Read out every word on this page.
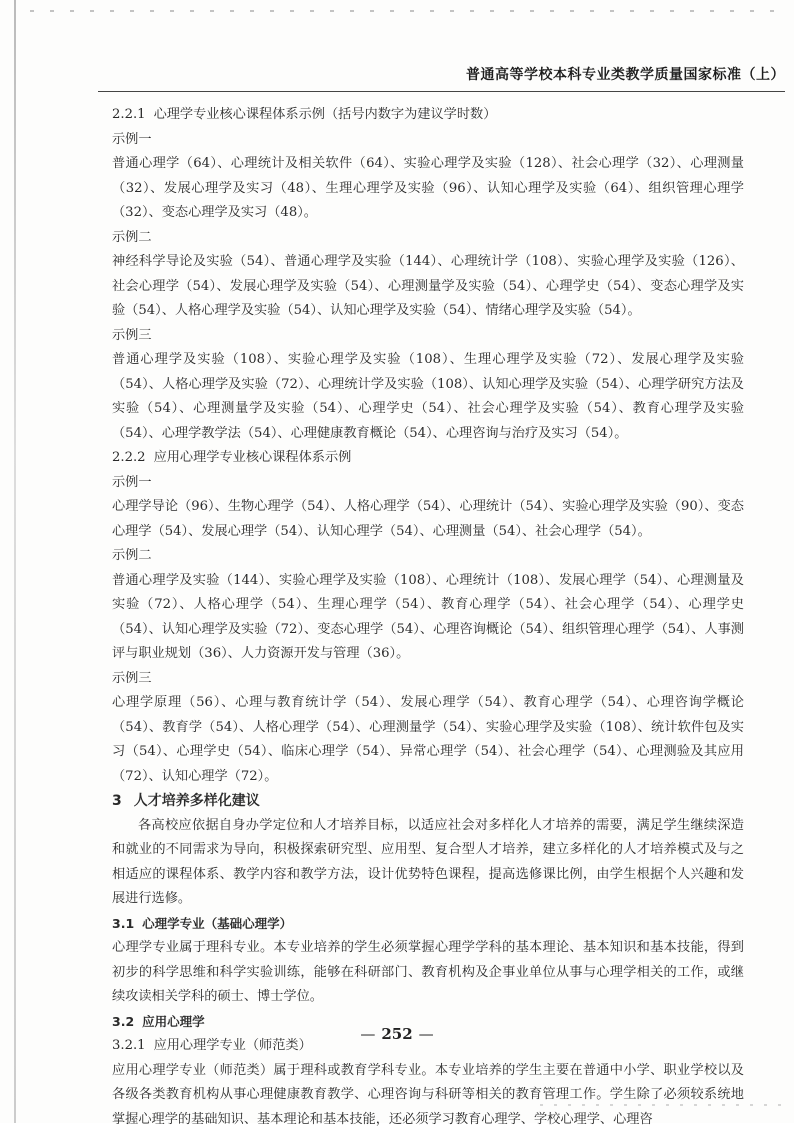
普通高等学校本科专业类教学质量国家标准（上）

2.2.1 心理学专业核心课程体系示例（括号内数字为建议学时数）

示例一

普通心理学（64）、心理统计及相关软件（64）、实验心理学及实验（128）、社会心理学（32）、心理测量（32）、发展心理学及实习（48）、生理心理学及实验（96）、认知心理学及实验（64）、组织管理心理学（32）、变态心理学及实习（48）。

示例二

神经科学导论及实验（54）、普通心理学及实验（144）、心理统计学（108）、实验心理学及实验（126）、社会心理学（54）、发展心理学及实验（54）、心理测量学及实验（54）、心理学史（54）、变态心理学及实验（54）、人格心理学及实验（54）、认知心理学及实验（54）、情绪心理学及实验（54）。

示例三

普通心理学及实验（108）、实验心理学及实验（108）、生理心理学及实验（72）、发展心理学及实验（54）、人格心理学及实验（72）、心理统计学及实验（108）、认知心理学及实验（54）、心理学研究方法及实验（54）、心理测量学及实验（54）、心理学史（54）、社会心理学及实验（54）、教育心理学及实验（54）、心理学教学法（54）、心理健康教育概论（54）、心理咨询与治疗及实习（54）。

2.2.2 应用心理学专业核心课程体系示例

示例一

心理学导论（96）、生物心理学（54）、人格心理学（54）、心理统计（54）、实验心理学及实验（90）、变态心理学（54）、发展心理学（54）、认知心理学（54）、心理测量（54）、社会心理学（54）。

示例二

普通心理学及实验（144）、实验心理学及实验（108）、心理统计（108）、发展心理学（54）、心理测量及实验（72）、人格心理学（54）、生理心理学（54）、教育心理学（54）、社会心理学（54）、心理学史（54）、认知心理学及实验（72）、变态心理学（54）、心理咨询概论（54）、组织管理心理学（54）、人事测评与职业规划（36）、人力资源开发与管理（36）。

示例三

心理学原理（56）、心理与教育统计学（54）、发展心理学（54）、教育心理学（54）、心理咨询学概论（54）、教育学（54）、人格心理学（54）、心理测量学（54）、实验心理学及实验（108）、统计软件包及实习（54）、心理学史（54）、临床心理学（54）、异常心理学（54）、社会心理学（54）、心理测验及其应用（72）、认知心理学（72）。

3 人才培养多样化建议

各高校应依据自身办学定位和人才培养目标，以适应社会对多样化人才培养的需要，满足学生继续深造和就业的不同需求为导向，积极探索研究型、应用型、复合型人才培养，建立多样化的人才培养模式及与之相适应的课程体系、教学内容和教学方法，设计优势特色课程，提高选修课比例，由学生根据个人兴趣和发展进行选修。

3.1 心理学专业（基础心理学）

心理学专业属于理科专业。本专业培养的学生必须掌握心理学学科的基本理论、基本知识和基本技能，得到初步的科学思维和科学实验训练，能够在科研部门、教育机构及企事业单位从事与心理学相关的工作，或继续攻读相关学科的硕士、博士学位。

3.2 应用心理学

3.2.1 应用心理学专业（师范类）

应用心理学专业（师范类）属于理科或教育学科专业。本专业培养的学生主要在普通中小学、职业学校以及各级各类教育机构从事心理健康教育教学、心理咨询与科研等相关的教育管理工作。学生除了必须较系统地掌握心理学的基础知识、基本理论和基本技能，还必须学习教育心理学、学校心理学、心理咨

— 252 —
